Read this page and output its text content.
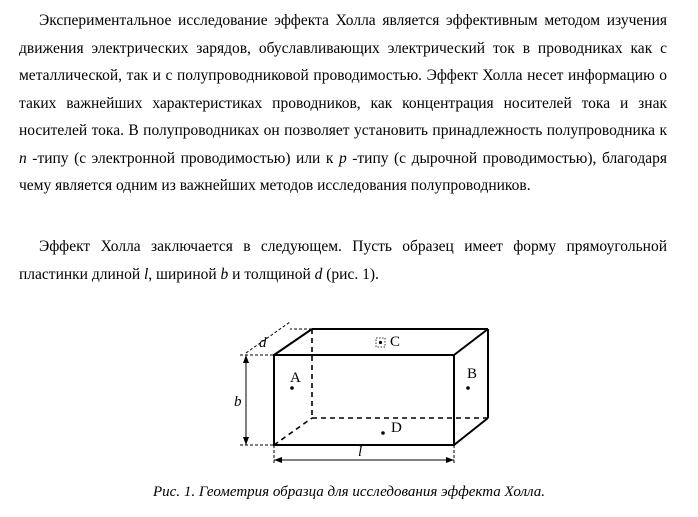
Экспериментальное исследование эффекта Холла является эффективным методом изучения движения электрических зарядов, обуславливающих электрический ток в проводниках как с металлической, так и с полупроводниковой проводимостью. Эффект Холла несет информацию о таких важнейших характеристиках проводников, как концентрация носителей тока и знак носителей тока. В полупроводниках он позволяет установить принадлежность полупроводника к n -типу (с электронной проводимостью) или к p -типу (с дырочной проводимостью), благодаря чему является одним из важнейших методов исследования полупроводников.

Эффект Холла заключается в следующем. Пусть образец имеет форму прямоугольной пластинки длиной l, шириной b и толщиной d (рис. 1).

A	B
C
D
d
b
l
Рис. 1. Геометрия образца для исследования эффекта Холла.
